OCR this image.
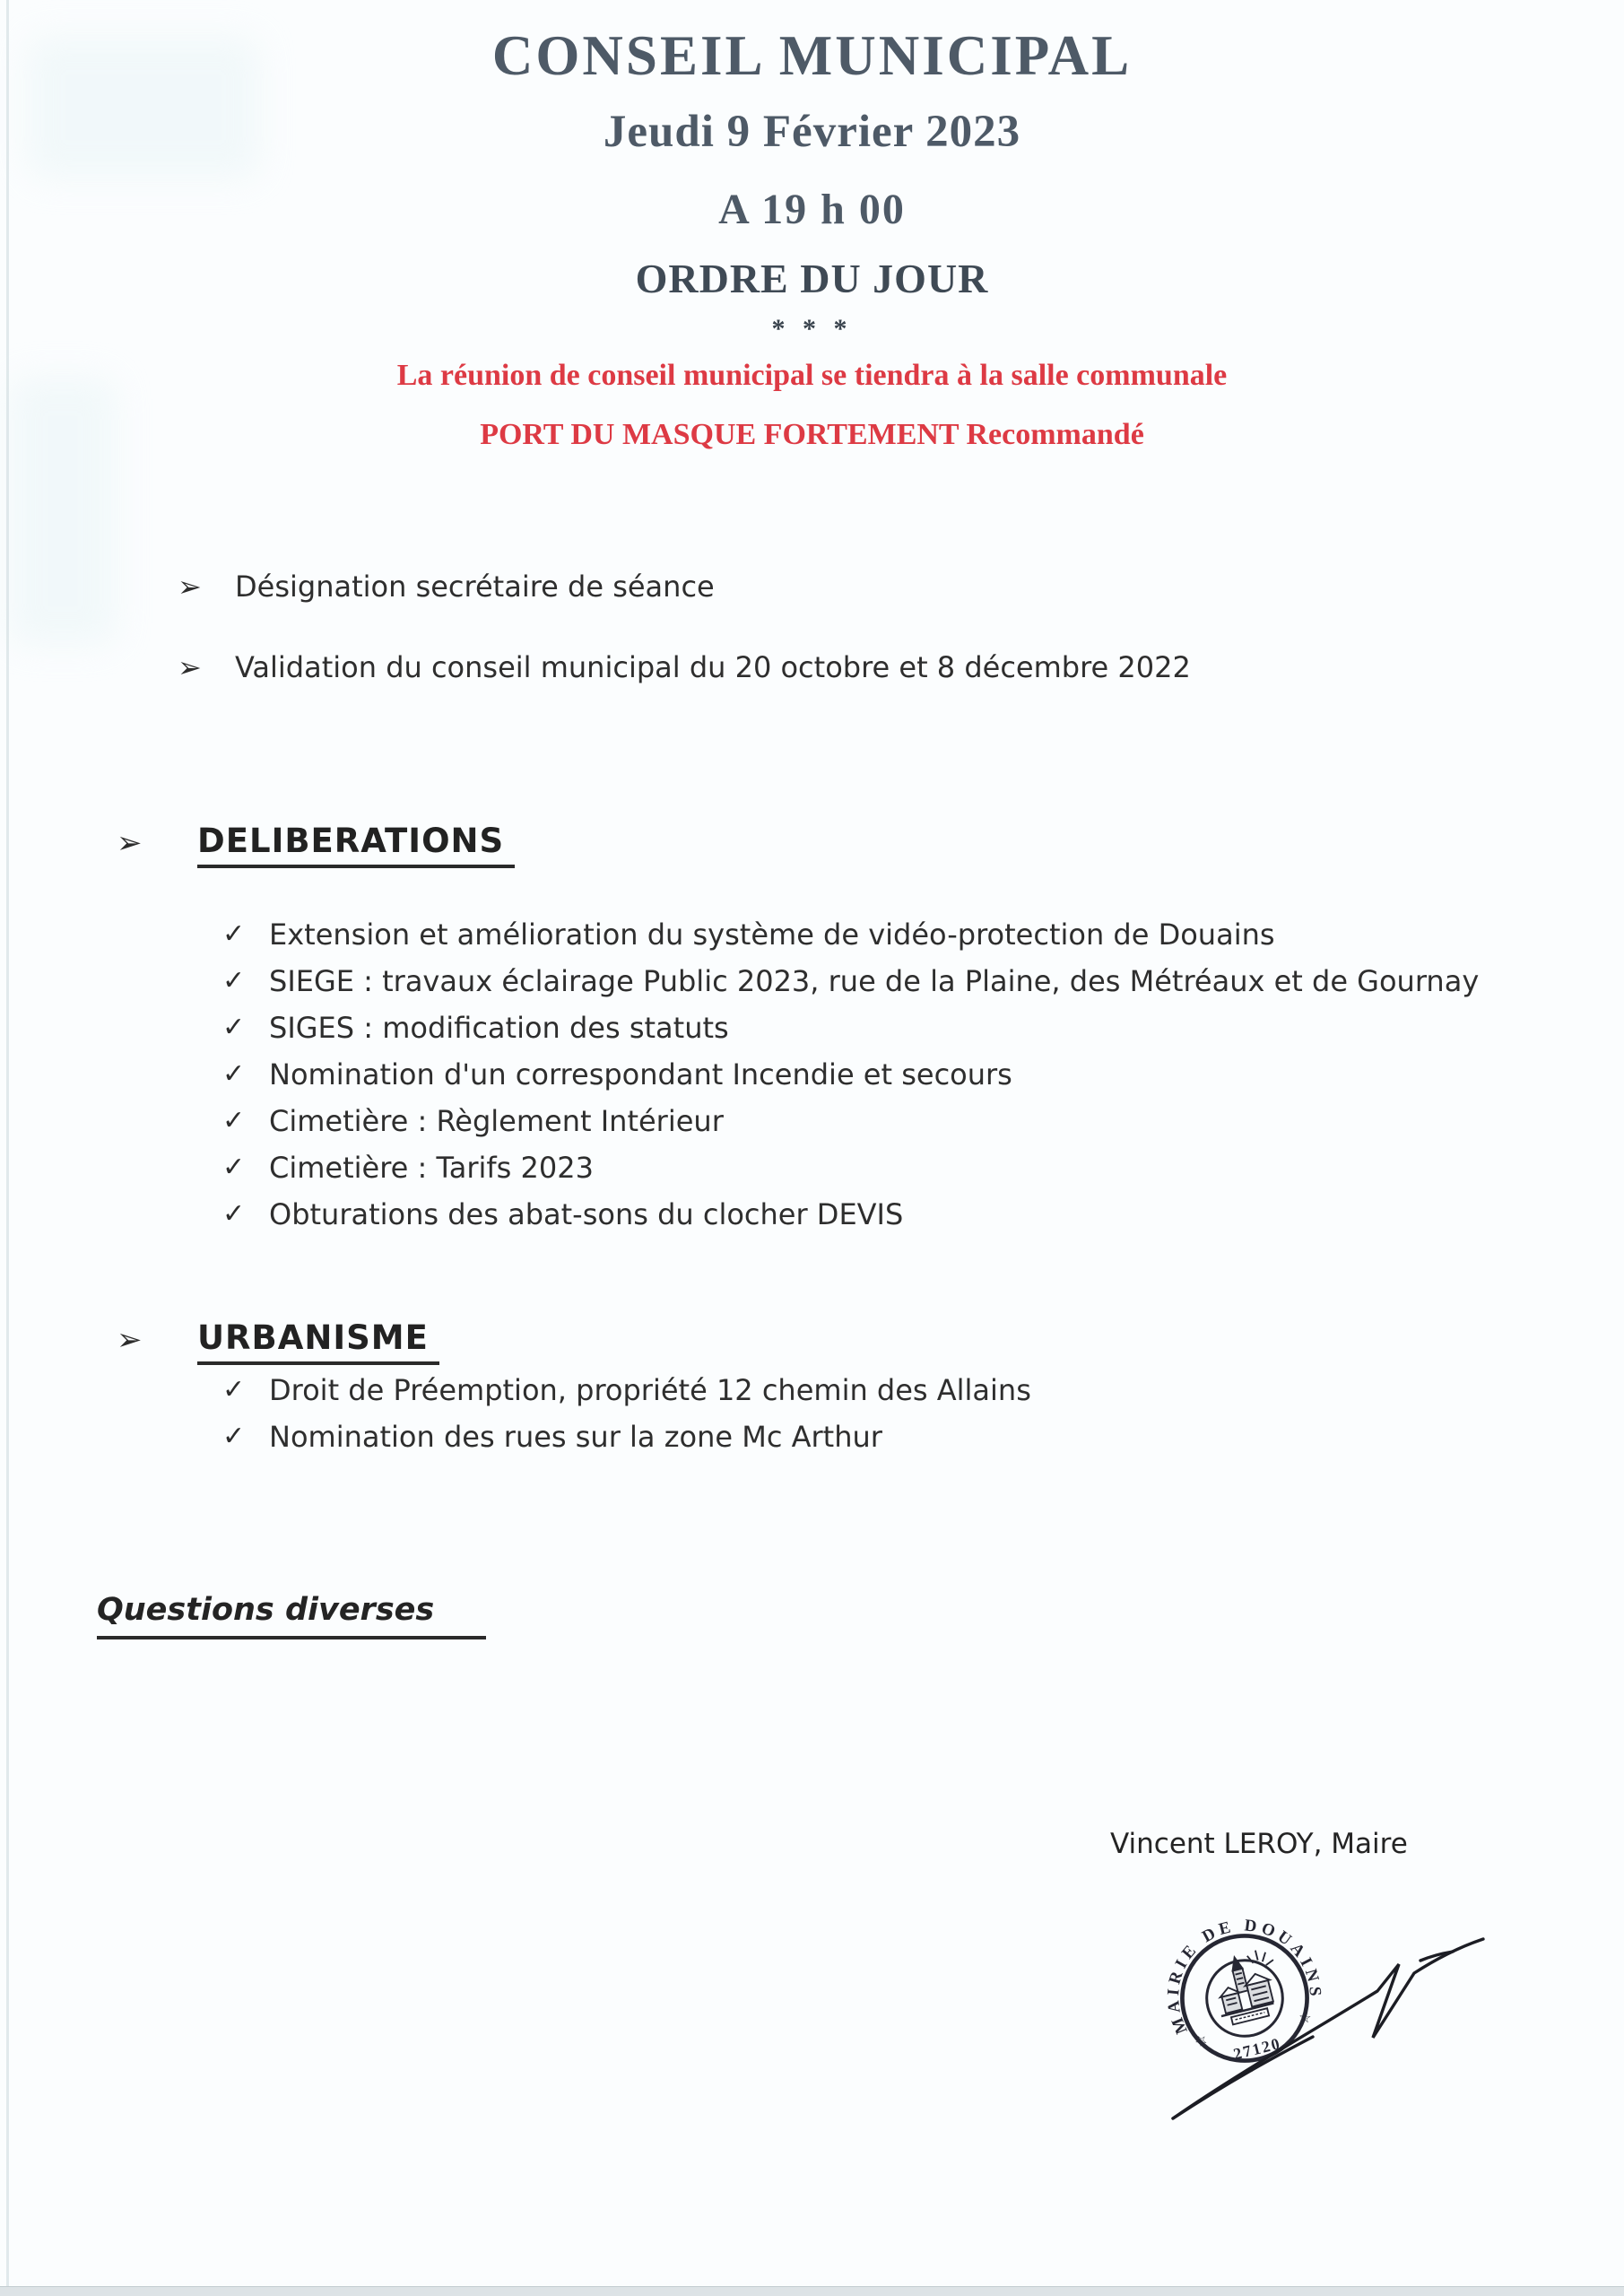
CONSEIL MUNICIPAL
Jeudi 9 Février 2023
A 19 h 00
ORDRE DU JOUR
* * *
La réunion de conseil municipal se tiendra à la salle communale
PORT DU MASQUE FORTEMENT Recommandé
➢	Désignation secrétaire de séance
➢	Validation du conseil municipal du 20 octobre et 8 décembre 2022
➢	DELIBERATIONS
✓ Extension et amélioration du système de vidéo-protection de Douains
✓ SIEGE : travaux éclairage Public 2023, rue de la Plaine, des Métréaux et de Gournay
✓ SIGES : modification des statuts
✓ Nomination d'un correspondant Incendie et secours
✓ Cimetière : Règlement Intérieur
✓ Cimetière : Tarifs 2023
✓ Obturations des abat-sons du clocher DEVIS
➢	URBANISME
✓ Droit de Préemption, propriété 12 chemin des Allains
✓ Nomination des rues sur la zone Mc Arthur
Questions diverses
Vincent LEROY, Maire
MAIRIE DE DOUAINS
☆
☆
27120
